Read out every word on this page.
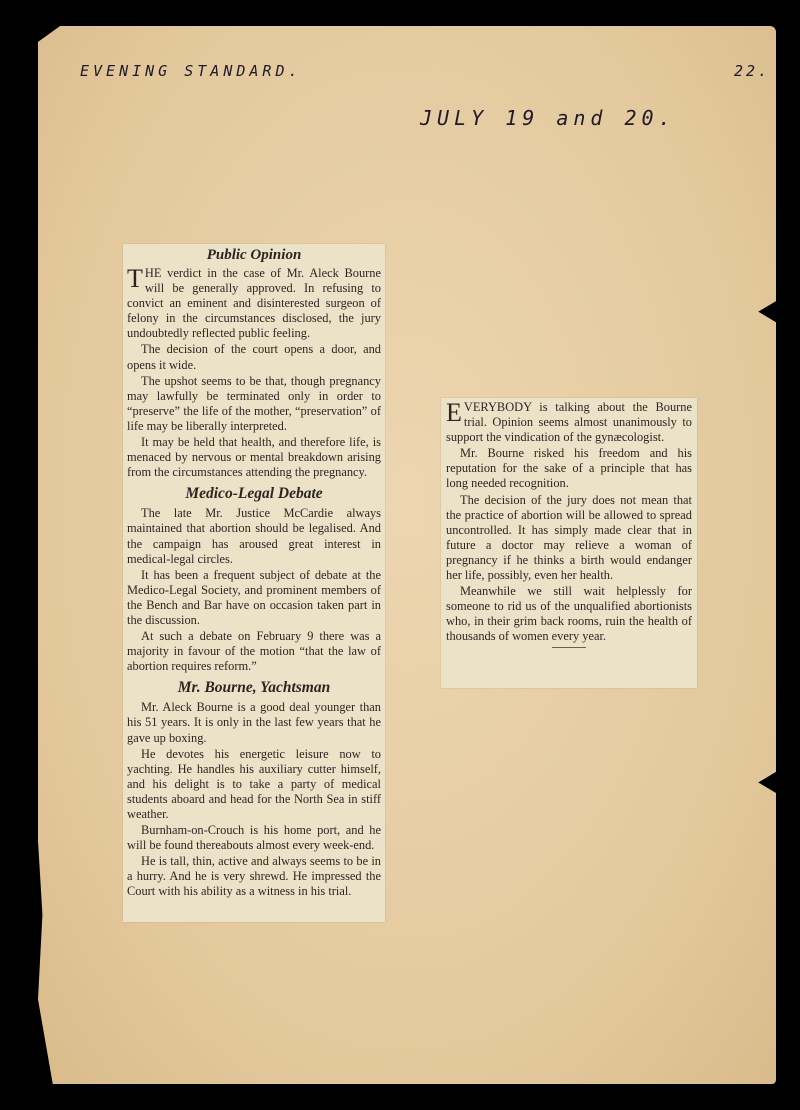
EVENING STANDARD.	22.
JULY 19 and 20.
Public Opinion

THE verdict in the case of Mr. Aleck Bourne will be generally approved. In refusing to convict an eminent and disinterested surgeon of felony in the circumstances disclosed, the jury undoubtedly reflected public feeling.

The decision of the court opens a door, and opens it wide.

The upshot seems to be that, though pregnancy may lawfully be terminated only in order to “preserve” the life of the mother, “preservation” of life may be liberally interpreted.

It may be held that health, and therefore life, is menaced by nervous or mental breakdown arising from the circumstances attending the pregnancy.

Medico-Legal Debate

The late Mr. Justice McCardie always maintained that abortion should be legalised. And the campaign has aroused great interest in medical-legal circles.

It has been a frequent subject of debate at the Medico-Legal Society, and prominent members of the Bench and Bar have on occasion taken part in the discussion.

At such a debate on February 9 there was a majority in favour of the motion “that the law of abortion requires reform.”

Mr. Bourne, Yachtsman

Mr. Aleck Bourne is a good deal younger than his 51 years. It is only in the last few years that he gave up boxing.

He devotes his energetic leisure now to yachting. He handles his auxiliary cutter himself, and his delight is to take a party of medical students aboard and head for the North Sea in stiff weather.

Burnham-on-Crouch is his home port, and he will be found thereabouts almost every week-end.

He is tall, thin, active and always seems to be in a hurry. And he is very shrewd. He impressed the Court with his ability as a witness in his trial.

EVERYBODY is talking about the Bourne trial. Opinion seems almost unanimously to support the vindication of the gynæcologist.

Mr. Bourne risked his freedom and his reputation for the sake of a principle that has long needed recognition.

The decision of the jury does not mean that the practice of abortion will be allowed to spread uncontrolled. It has simply made clear that in future a doctor may relieve a woman of pregnancy if he thinks a birth would endanger her life, possibly, even her health.

Meanwhile we still wait helplessly for someone to rid us of the unqualified abortionists who, in their grim back rooms, ruin the health of thousands of women every year.
